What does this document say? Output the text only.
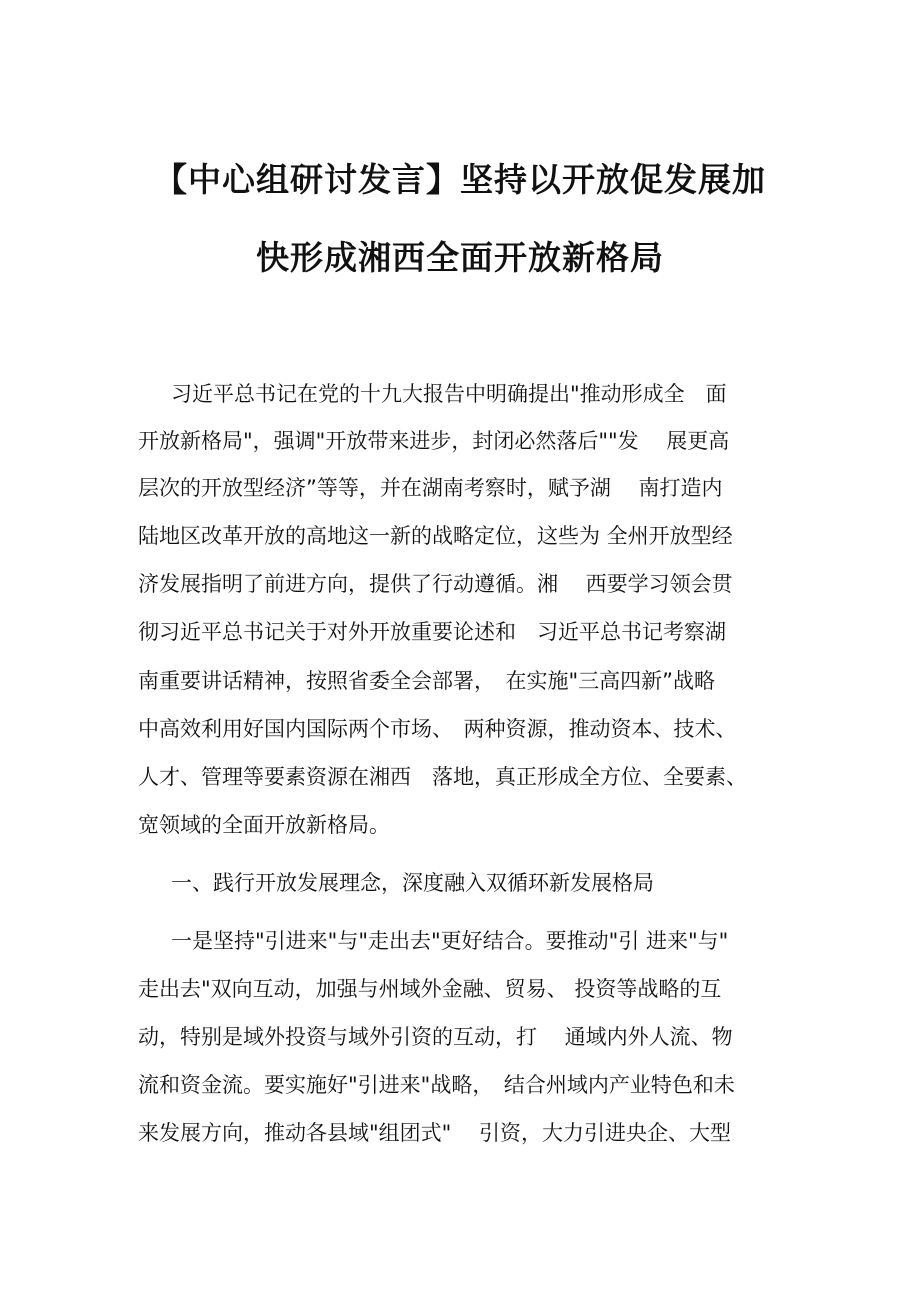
【中心组研讨发言】坚持以开放促发展加
快形成湘西全面开放新格局
习近平总书记在党的十九大报告中明确提出"推动形成全　面
开放新格局"，强调"开放带来进步，封闭必然落后""发　 展更高
层次的开放型经济”等等，并在湖南考察时，赋予湖　 南打造内
陆地区改革开放的高地这一新的战略定位，这些为 全州开放型经
济发展指明了前进方向，提供了行动遵循。湘　 西要学习领会贯
彻习近平总书记关于对外开放重要论述和　习近平总书记考察湖
南重要讲话精神，按照省委全会部署，　在实施"三高四新”战略
中高效利用好国内国际两个市场、　两种资源，推动资本、技术、
人才、管理等要素资源在湘西　落地，真正形成全方位、全要素、
宽领域的全面开放新格局。
一、践行开放发展理念，深度融入双循环新发展格局
一是坚持"引进来"与"走出去"更好结合。要推动"引 进来"与"
走出去"双向互动，加强与州域外金融、贸易、 投资等战略的互
动，特别是域外投资与域外引资的互动，打　 通域内外人流、物
流和资金流。要实施好"引进来"战略，　结合州域内产业特色和未
来发展方向，推动各县域"组团式"　 引资，大力引进央企、大型
